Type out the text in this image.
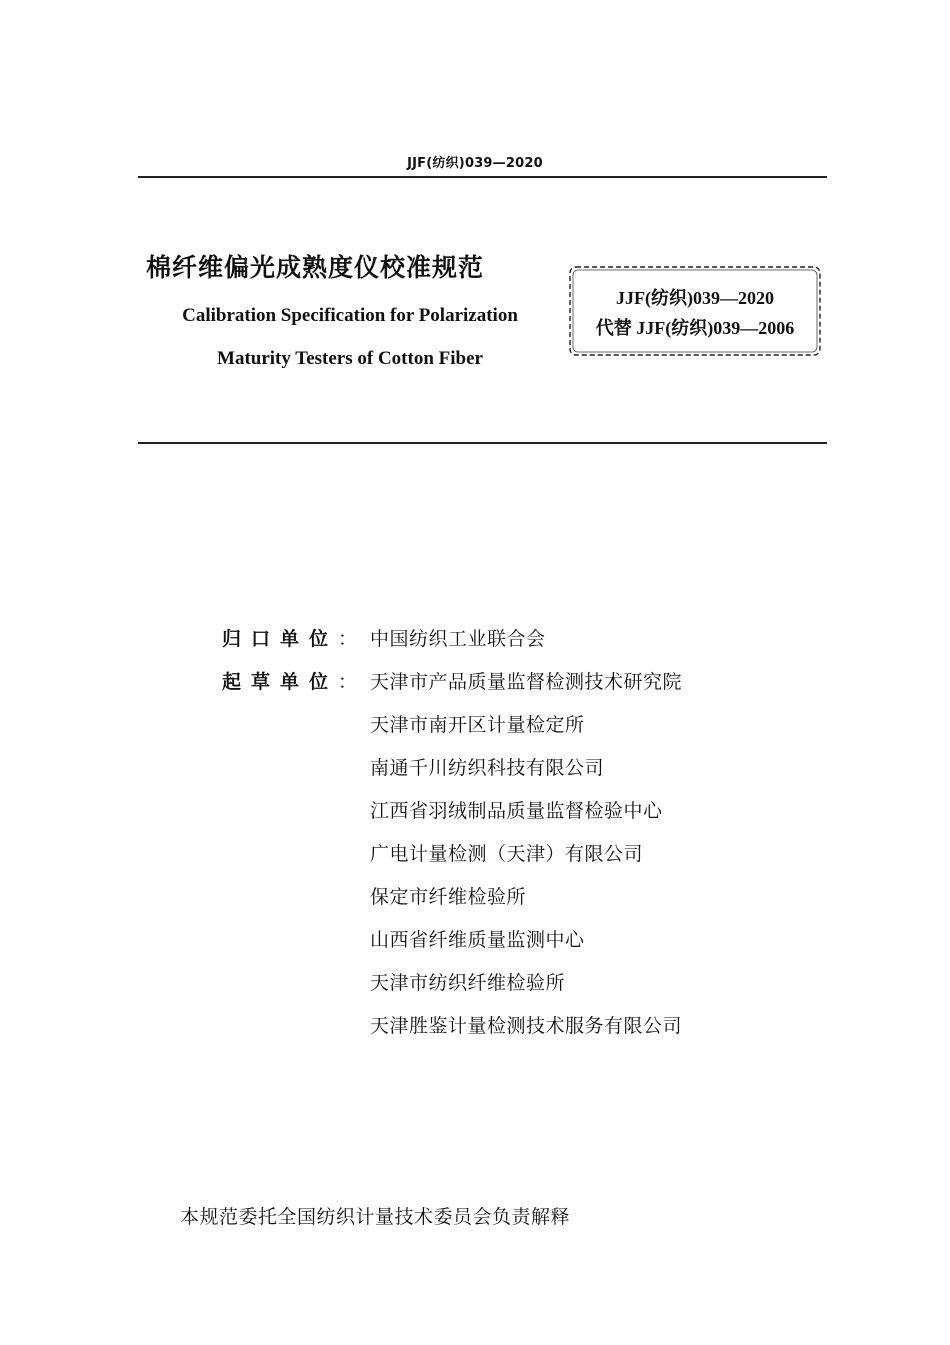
JJF(纺织)039—2020
棉纤维偏光成熟度仪校准规范
Calibration Specification for Polarization
Maturity Testers of Cotton Fiber
JJF(纺织)039—2020
代替 JJF(纺织)039—2006
归口单位： 中国纺织工业联合会
起草单位： 天津市产品质量监督检测技术研究院
天津市南开区计量检定所
南通千川纺织科技有限公司
江西省羽绒制品质量监督检验中心
广电计量检测（天津）有限公司
保定市纤维检验所
山西省纤维质量监测中心
天津市纺织纤维检验所
天津胜鉴计量检测技术服务有限公司
本规范委托全国纺织计量技术委员会负责解释
